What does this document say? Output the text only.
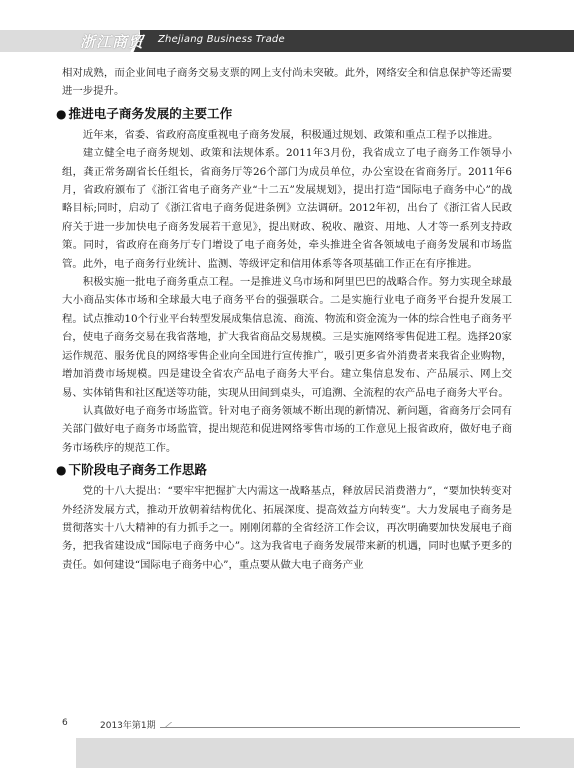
浙江商贸 Zhejiang Business Trade

相对成熟，而企业间电子商务交易支票的网上支付尚未突破。此外，网络安全和信息保护等还需要进一步提升。

● 推进电子商务发展的主要工作

近年来，省委、省政府高度重视电子商务发展，积极通过规划、政策和重点工程予以推进。

建立健全电子商务规划、政策和法规体系。2011年3月份，我省成立了电子商务工作领导小组，龚正常务副省长任组长，省商务厅等26个部门为成员单位，办公室设在省商务厅。2011年6月，省政府颁布了《浙江省电子商务产业“十二五”发展规划》，提出打造“国际电子商务中心”的战略目标;同时，启动了《浙江省电子商务促进条例》立法调研。2012年初，出台了《浙江省人民政府关于进一步加快电子商务发展若干意见》，提出财政、税收、融资、用地、人才等一系列支持政策。同时，省政府在商务厅专门增设了电子商务处，牵头推进全省各领域电子商务发展和市场监管。此外，电子商务行业统计、监测、等级评定和信用体系等各项基础工作正在有序推进。

积极实施一批电子商务重点工程。一是推进义乌市场和阿里巴巴的战略合作。努力实现全球最大小商品实体市场和全球最大电子商务平台的强强联合。二是实施行业电子商务平台提升发展工程。试点推动10个行业平台转型发展成集信息流、商流、物流和资金流为一体的综合性电子商务平台，使电子商务交易在我省落地，扩大我省商品交易规模。三是实施网络零售促进工程。选择20家运作规范、服务优良的网络零售企业向全国进行宣传推广，吸引更多省外消费者来我省企业购物，增加消费市场规模。四是建设全省农产品电子商务大平台。建立集信息发布、产品展示、网上交易、实体销售和社区配送等功能，实现从田间到桌头，可追溯、全流程的农产品电子商务大平台。

认真做好电子商务市场监管。针对电子商务领域不断出现的新情况、新问题，省商务厅会同有关部门做好电子商务市场监管，提出规范和促进网络零售市场的工作意见上报省政府，做好电子商务市场秩序的规范工作。

● 下阶段电子商务工作思路

党的十八大提出：“要牢牢把握扩大内需这一战略基点，释放居民消费潜力”，“要加快转变对外经济发展方式，推动开放朝着结构优化、拓展深度、提高效益方向转变”。大力发展电子商务是贯彻落实十八大精神的有力抓手之一。刚刚闭幕的全省经济工作会议，再次明确要加快发展电子商务，把我省建设成“国际电子商务中心”。这为我省电子商务发展带来新的机遇，同时也赋予更多的责任。如何建设“国际电子商务中心”，重点要从做大电子商务产业

6	2013年第1期
